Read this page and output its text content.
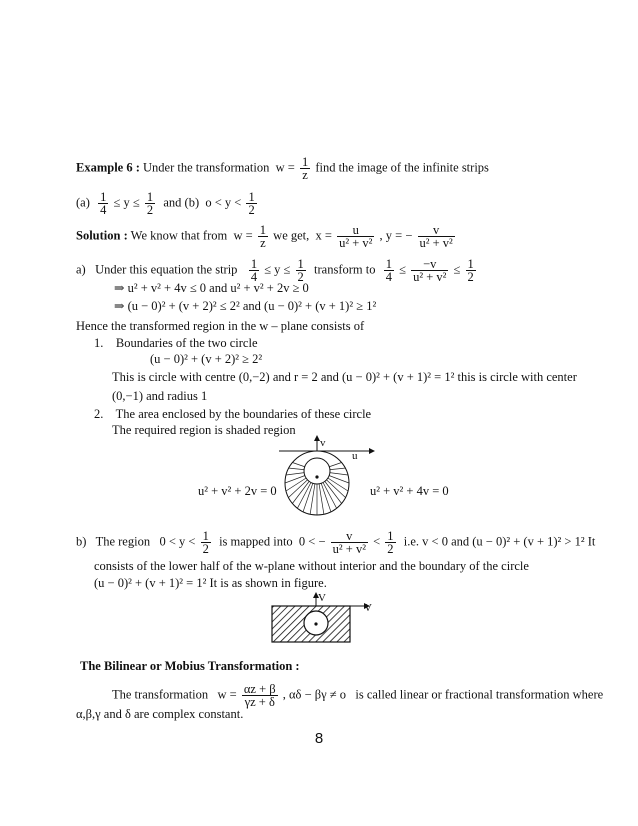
Example 6 : Under the transformation $w = \frac{1}{z}$ find the image of the infinite strips
$(a) \frac{1}{4} \le y \le \frac{1}{2}$ and (b) $o < y < \frac{1}{2}$
Solution : We know that from $w = \frac{1}{z}$ we get, $x = \frac{u}{\text{u² + v²}}$ , y = − $\frac{v}{\text{u² + v²}}$
a) Under this equation the strip $\frac{1}{4} \le y \le \frac{1}{2}$ transform to $\frac{1}{4} \le \frac{-v}{\text{u² + v²}} \le \frac{1}{2}$
⇒ u² + v² + 4v ≤ 0 and u² + v² + 2v ≥ 0
⇒ (u − 0)² + (v + 2)² ≤ 2² and (u − 0)² + (v + 1)² ≥ 1²
Hence the transformed region in the w – plane consists of
1. Boundaries of the two circle
(u − 0)² + (v + 2)² ≥ 2²
This is circle with centre (0,−2) and r = 2 and (u − 0)² + (v + 1)² = 1² this is circle with center
(0,−1) and radius 1
2. The area enclosed by the boundaries of these circle
The required region is shaded region
v
u
u² + v² + 2v = 0	u² + v² + 4v = 0
b) The region $0 < y < \frac{1}{2}$ is mapped into 0 < − $\frac{v}{\text{u² + v²}} < \frac{1}{2} i.e$. v < 0 and (u − 0)² + (v + 1)² > 1² It
consists of the lower half of the w-plane without interior and the boundary of the circle
(u − 0)² + (v + 1)² = 1² It is as shown in figure.
V
V
The Bilinear or Mobius Transformation :
The transformation $w = \frac{\alpha z + \beta}{\gamma z + \delta}$ , αδ − βγ ≠ o is called linear or fractional transformation where
α,β,γ and δ are complex constant.
8
